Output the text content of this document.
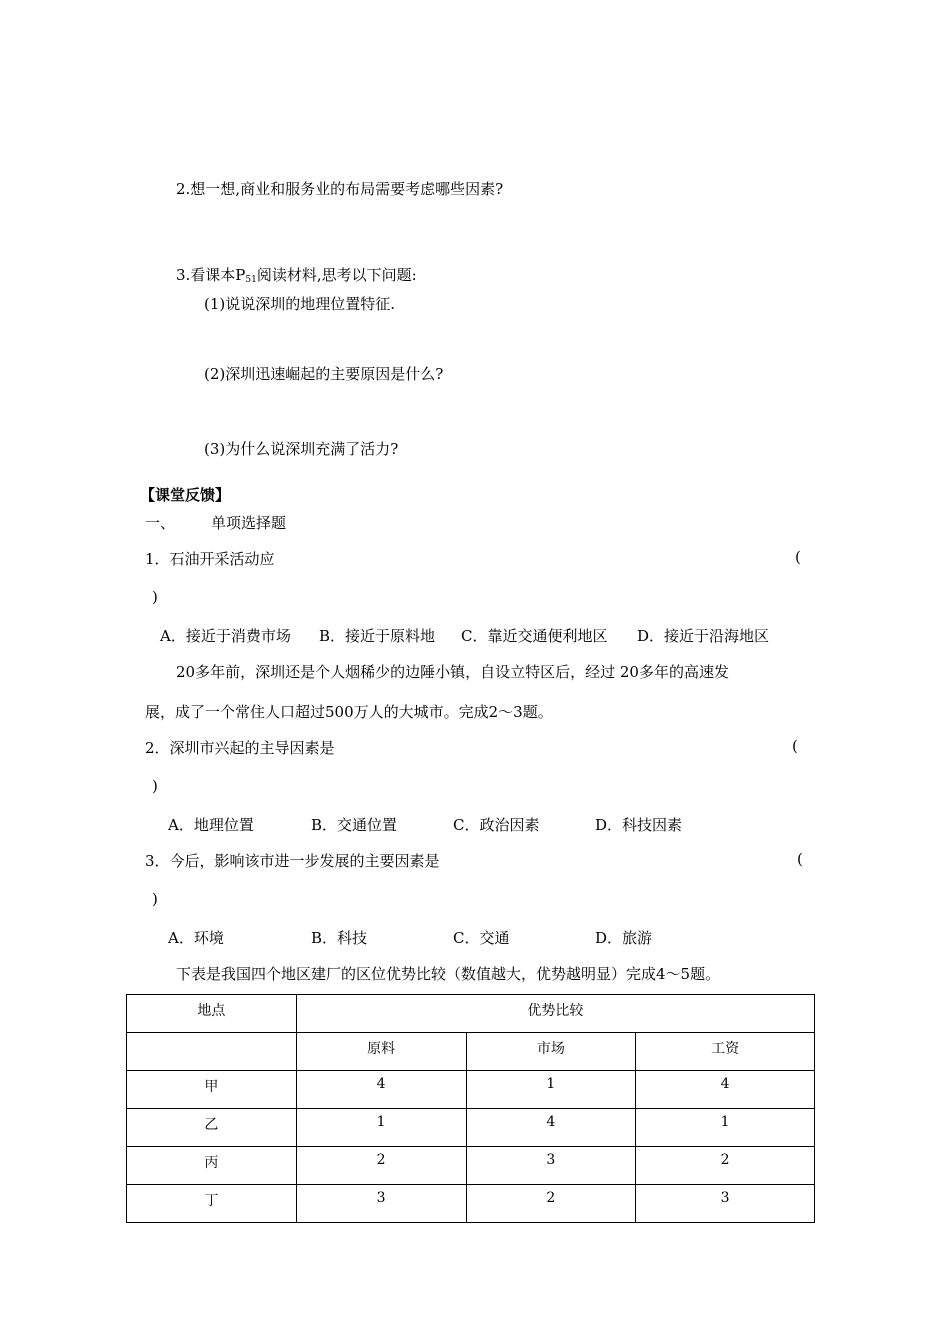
2.想一想,商业和服务业的布局需要考虑哪些因素?
3.看课本$P_{51}$阅读材料,思考以下问题:
(1)说说深圳的地理位置特征.
(2)深圳迅速崛起的主要原因是什么?
(3)为什么说深圳充满了活力?
【课堂反馈】
一、 单项选择题
1．石油开采活动应	(
)
A．接近于消费市场 B．接近于原料地 C．靠近交通便利地区 D．接近于沿海地区
20多年前，深圳还是个人烟稀少的边陲小镇，自设立特区后，经过 20多年的高速发
展，成了一个常住人口超过500万人的大城市。完成2～3题。
2．深圳市兴起的主导因素是	(
)
A．地理位置	B．交通位置	C．政治因素	D．科技因素
3．今后，影响该市进一步发展的主要因素是	(
)
A．环境	B．科技	C．交通	D．旅游
下表是我国四个地区建厂的区位优势比较（数值越大，优势越明显）完成4～5题。
地点	优势比较		
	原料	市场	工资
甲	4	1	4
乙	1	4	1
丙	2	3	2
丁	3	2	3
